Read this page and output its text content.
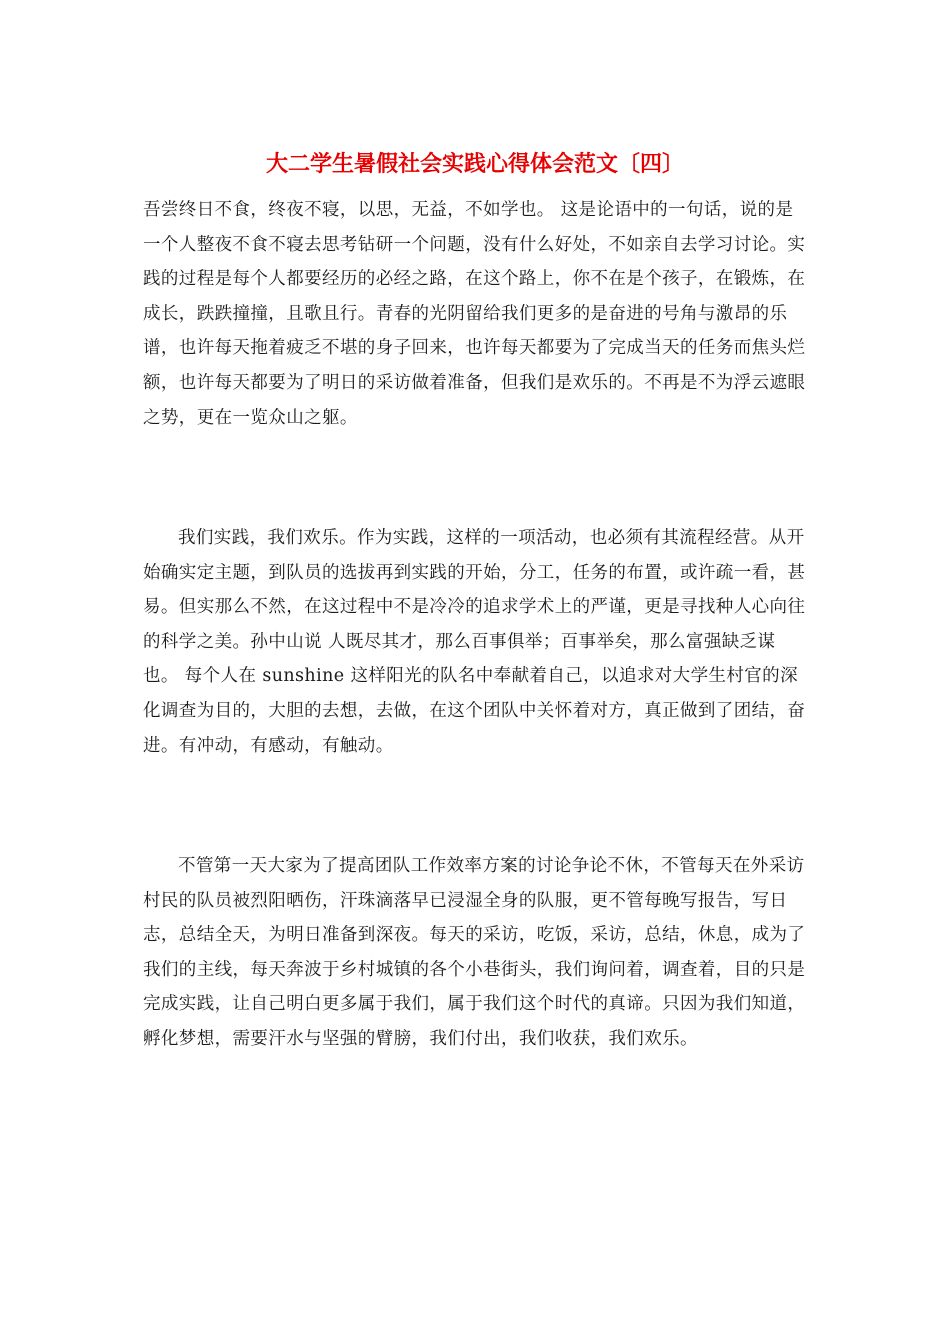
大二学生暑假社会实践心得体会范文〔四〕

吾尝终日不食，终夜不寝，以思，无益，不如学也。 这是论语中的一句话，说的是一个人整夜不食不寝去思考钻研一个问题，没有什么好处，不如亲自去学习讨论。实践的过程是每个人都要经历的必经之路，在这个路上，你不在是个孩子，在锻炼，在成长，跌跌撞撞，且歌且行。青春的光阴留给我们更多的是奋进的号角与激昂的乐谱，也许每天拖着疲乏不堪的身子回来，也许每天都要为了完成当天的任务而焦头烂额，也许每天都要为了明日的采访做着准备，但我们是欢乐的。不再是不为浮云遮眼之势，更在一览众山之躯。

我们实践，我们欢乐。作为实践，这样的一项活动，也必须有其流程经营。从开始确实定主题，到队员的选拔再到实践的开始，分工，任务的布置，或许疏一看，甚易。但实那么不然，在这过程中不是冷冷的追求学术上的严谨，更是寻找种人心向往的科学之美。孙中山说 人既尽其才，那么百事俱举；百事举矣，那么富强缺乏谋也。 每个人在 sunshine 这样阳光的队名中奉献着自己，以追求对大学生村官的深化调查为目的，大胆的去想，去做，在这个团队中关怀着对方，真正做到了团结，奋进。有冲动，有感动，有触动。

不管第一天大家为了提高团队工作效率方案的讨论争论不休，不管每天在外采访村民的队员被烈阳晒伤，汗珠滴落早已浸湿全身的队服，更不管每晚写报告，写日志，总结全天，为明日准备到深夜。每天的采访，吃饭，采访，总结，休息，成为了我们的主线，每天奔波于乡村城镇的各个小巷街头，我们询问着，调查着，目的只是完成实践，让自己明白更多属于我们，属于我们这个时代的真谛。只因为我们知道，孵化梦想，需要汗水与坚强的臂膀，我们付出，我们收获，我们欢乐。
